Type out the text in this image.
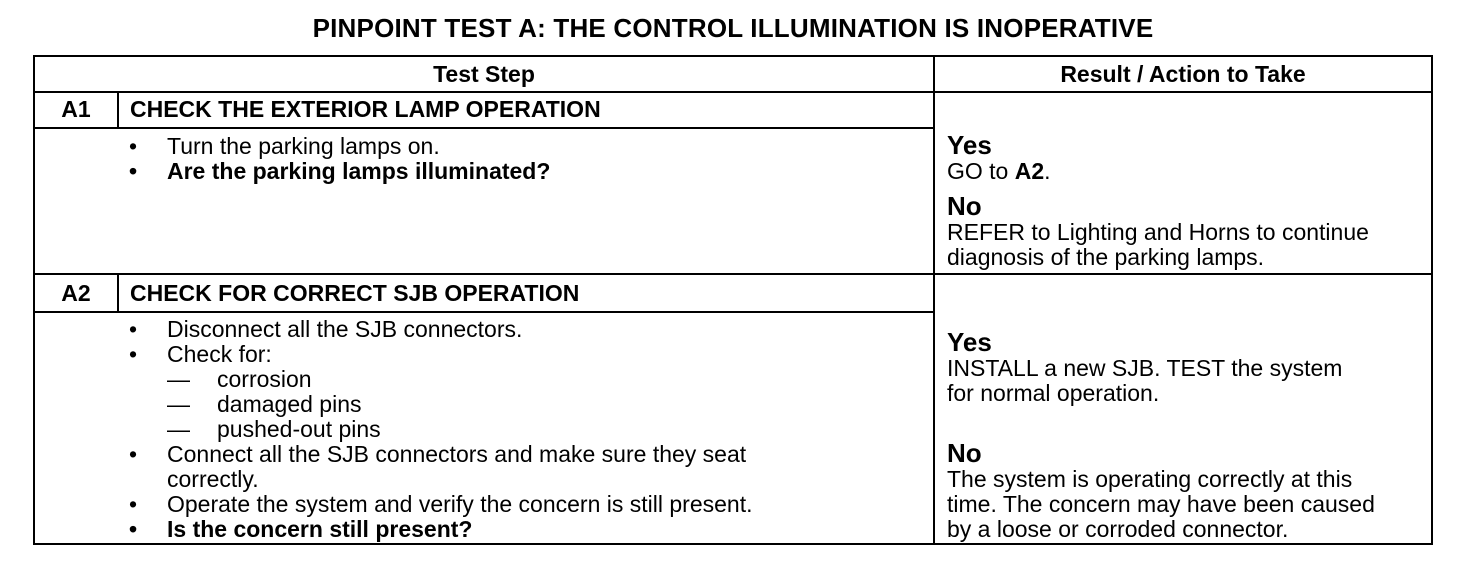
PINPOINT TEST A: THE CONTROL ILLUMINATION IS INOPERATIVE
Test Step	Result / Action to Take
A1	CHECK THE EXTERIOR LAMP OPERATION
• Turn the parking lamps on.
• Are the parking lamps illuminated?
Yes
GO to A2.
No
REFER to Lighting and Horns to continue
diagnosis of the parking lamps.
A2	CHECK FOR CORRECT SJB OPERATION
• Disconnect all the SJB connectors.
• Check for:
— corrosion
— damaged pins
— pushed-out pins
• Connect all the SJB connectors and make sure they seat
correctly.
• Operate the system and verify the concern is still present.
• Is the concern still present?
Yes
INSTALL a new SJB. TEST the system
for normal operation.
No
The system is operating correctly at this
time. The concern may have been caused
by a loose or corroded connector.
